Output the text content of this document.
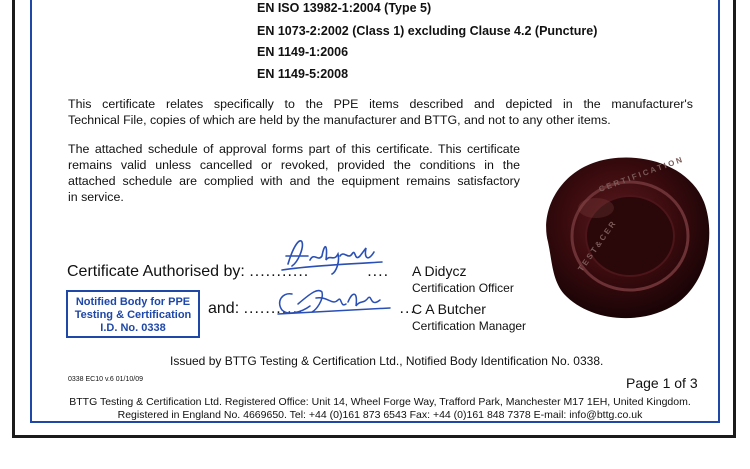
EN ISO 13982-1:2004 (Type 5)
EN 1073-2:2002 (Class 1) excluding Clause 4.2 (Puncture)
EN 1149-1:2006
EN 1149-5:2008
This certificate relates specifically to the PPE items described and depicted in the manufacturer's
Technical File, copies of which are held by the manufacturer and BTTG, and not to any other items.
The attached schedule of approval forms part of this certificate. This certificate
remains valid unless cancelled or revoked, provided the conditions in the
attached schedule are complied with and the equipment remains satisfactory
in service.
Certificate Authorised by: ...........	.... A Didycz
Certification Officer
Notified Body for PPE
Testing & Certification
I.D. No. 0338
and: ...........	...
C A Butcher
Certification Manager
C E R T I F I C A T I O N
T E S T & C E R
Issued by BTTG Testing & Certification Ltd., Notified Body Identification No. 0338.
0338 EC10 v.6 01/10/09	Page 1 of 3
BTTG Testing & Certification Ltd. Registered Office: Unit 14, Wheel Forge Way, Trafford Park, Manchester M17 1EH, United Kingdom.
Registered in England No. 4669650. Tel: +44 (0)161 873 6543 Fax: +44 (0)161 848 7378 E-mail: info@bttg.co.uk
